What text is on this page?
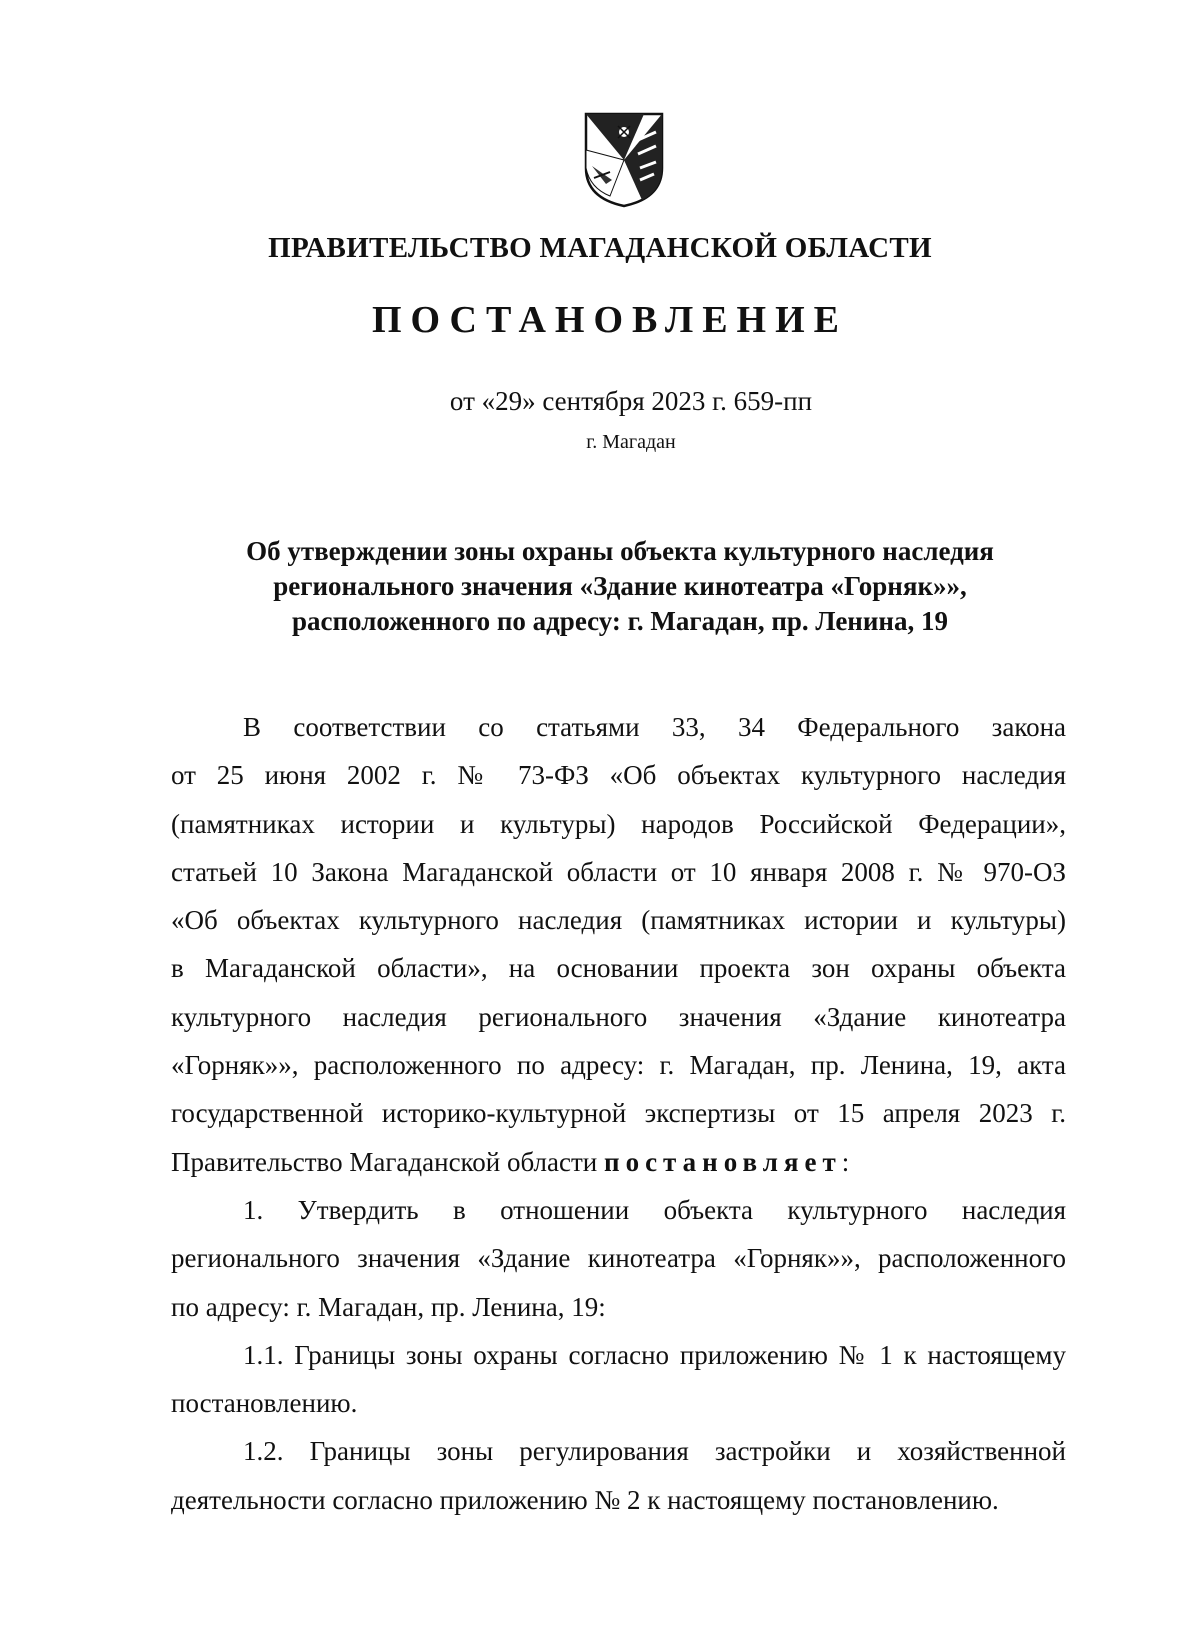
ПРАВИТЕЛЬСТВО МАГАДАНСКОЙ ОБЛАСТИ
ПОСТАНОВЛЕНИЕ
от «29» сентября 2023 г. 659-пп
г. Магадан
Об утверждении зоны охраны объекта культурного наследия
регионального значения «Здание кинотеатра «Горняк»»,
расположенного по адресу: г. Магадан, пр. Ленина, 19
В соответствии со статьями 33, 34 Федерального закона
от 25 июня 2002 г. № 73-ФЗ «Об объектах культурного наследия
(памятниках истории и культуры) народов Российской Федерации»,
статьей 10 Закона Магаданской области от 10 января 2008 г. № 970-ОЗ
«Об объектах культурного наследия (памятниках истории и культуры)
в Магаданской области», на основании проекта зон охраны объекта
культурного наследия регионального значения «Здание кинотеатра
«Горняк»», расположенного по адресу: г. Магадан, пр. Ленина, 19, акта
государственной историко-культурной экспертизы от 15 апреля 2023 г.
Правительство Магаданской области постановляет:
1. Утвердить в отношении объекта культурного наследия
регионального значения «Здание кинотеатра «Горняк»», расположенного
по адресу: г. Магадан, пр. Ленина, 19:
1.1. Границы зоны охраны согласно приложению № 1 к настоящему
постановлению.
1.2. Границы зоны регулирования застройки и хозяйственной
деятельности согласно приложению № 2 к настоящему постановлению.
